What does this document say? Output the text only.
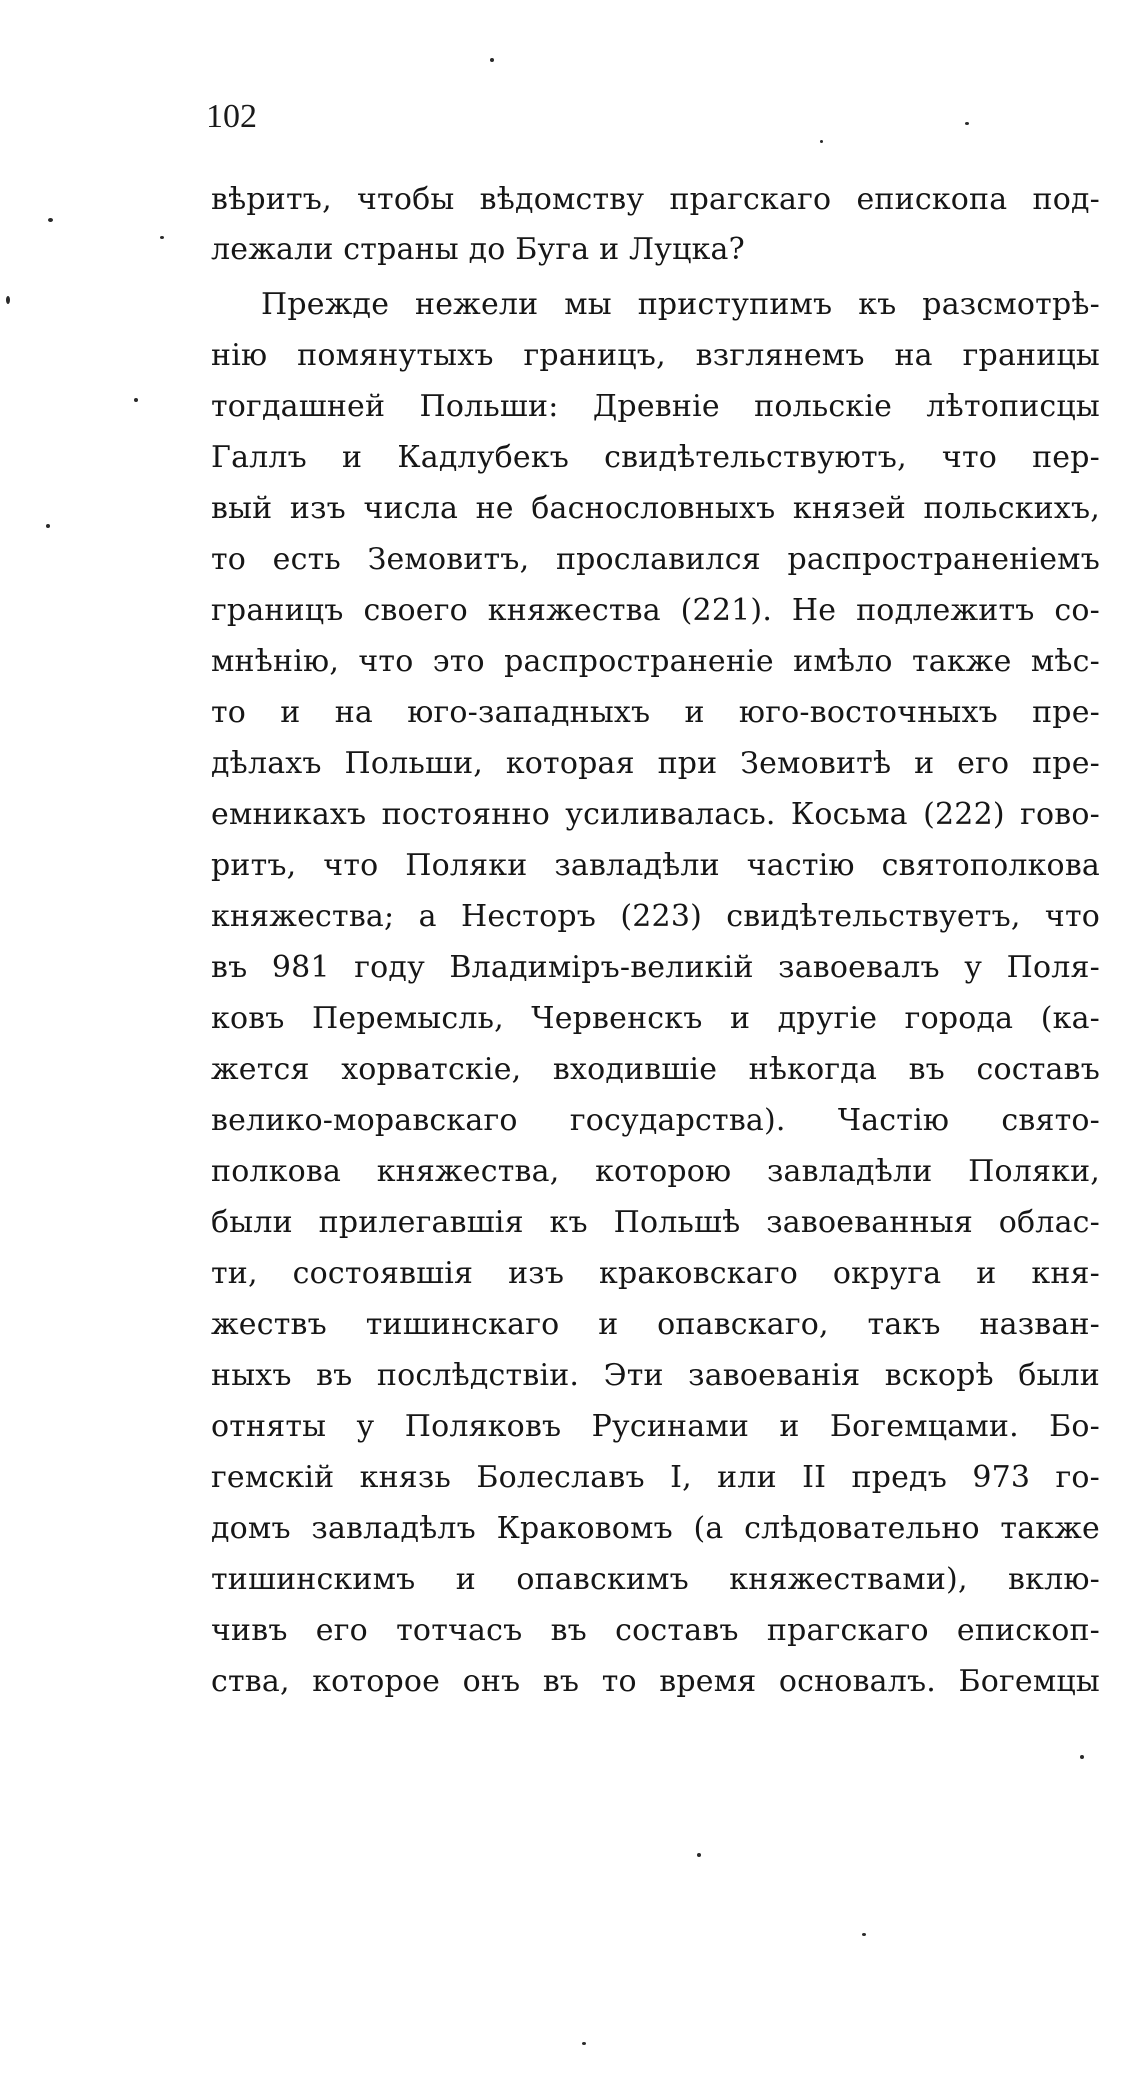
102
вѣритъ, чтобы вѣдомству прагскаго епископа под-
лежали страны до Буга и Луцка?
Прежде нежели мы приступимъ къ разсмотрѣ-
нію помянутыхъ границъ, взглянемъ на границы
тогдашней Польши: Древніе польскіе лѣтописцы
Галлъ и Кадлубекъ свидѣтельствуютъ, что пер-
вый изъ числа не баснословныхъ князей польскихъ,
то есть Земовитъ, прославился распространеніемъ
границъ своего княжества (221). Не подлежитъ со-
мнѣнію, что это распространеніе имѣло также мѣс-
то и на юго-западныхъ и юго-восточныхъ пре-
дѣлахъ Польши, которая при Земовитѣ и его пре-
емникахъ постоянно усиливалась. Косьма (222) гово-
ритъ, что Поляки завладѣли частію святополкова
княжества; а Несторъ (223) свидѣтельствуетъ, что
въ 981 году Владиміръ-великій завоевалъ у Поля-
ковъ Перемысль, Червенскъ и другіе города (ка-
жется хорватскіе, входившіе нѣкогда въ составъ
велико-моравскаго государства). Частію свято-
полкова княжества, которою завладѣли Поляки,
были прилегавшія къ Польшѣ завоеванныя облас-
ти, состоявшія изъ краковскаго округа и кня-
жествъ тишинскаго и опавскаго, такъ назван-
ныхъ въ послѣдствіи. Эти завоеванія вскорѣ были
отняты у Поляковъ Русинами и Богемцами. Бо-
гемскій князь Болеславъ I, или II предъ 973 го-
домъ завладѣлъ Краковомъ (а слѣдовательно также
тишинскимъ и опавскимъ княжествами), вклю-
чивъ его тотчасъ въ составъ прагскаго епископ-
ства, которое онъ въ то время основалъ. Богемцы
